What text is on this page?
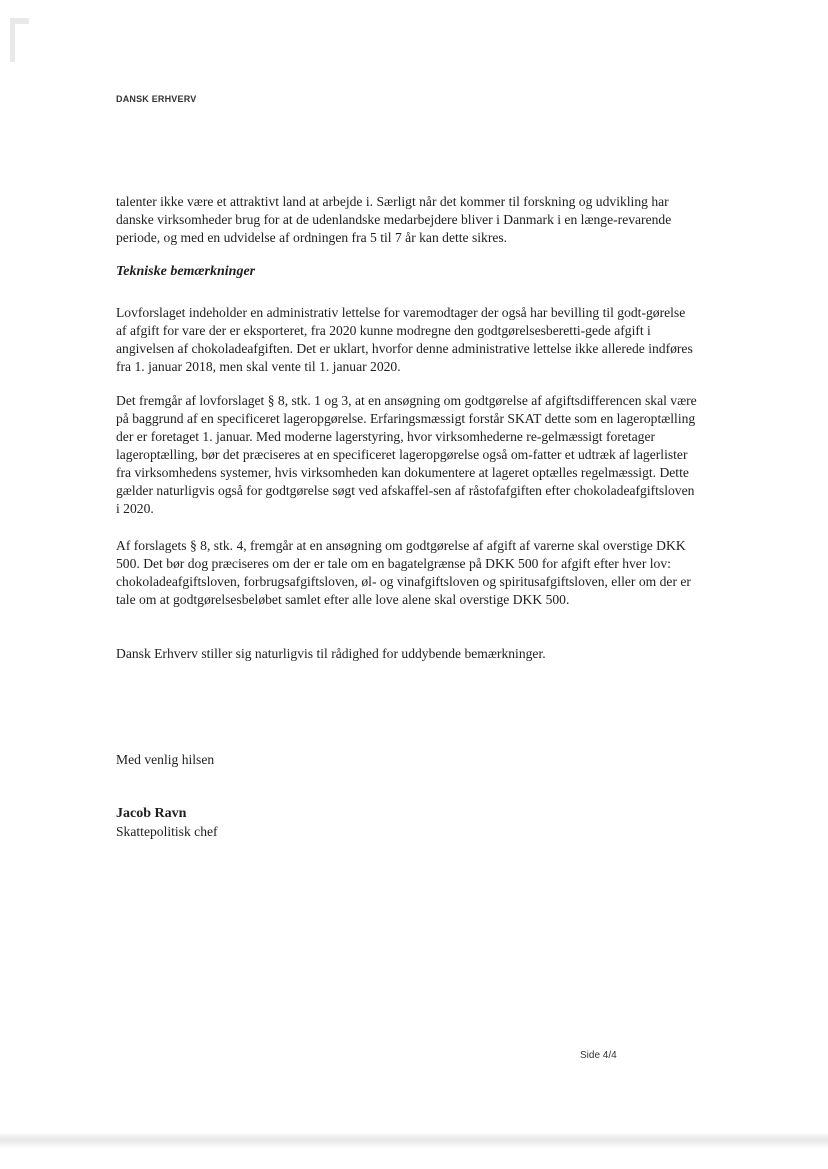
DANSK ERHVERV

talenter ikke være et attraktivt land at arbejde i. Særligt når det kommer til forskning og udvikling har danske virksomheder brug for at de udenlandske medarbejdere bliver i Danmark i en længe-revarende periode, og med en udvidelse af ordningen fra 5 til 7 år kan dette sikres.

Tekniske bemærkninger

Lovforslaget indeholder en administrativ lettelse for varemodtager der også har bevilling til godt-gørelse af afgift for vare der er eksporteret, fra 2020 kunne modregne den godtgørelsesberetti-gede afgift i angivelsen af chokoladeafgiften. Det er uklart, hvorfor denne administrative lettelse ikke allerede indføres fra 1. januar 2018, men skal vente til 1. januar 2020.

Det fremgår af lovforslaget § 8, stk. 1 og 3, at en ansøgning om godtgørelse af afgiftsdifferencen skal være på baggrund af en specificeret lageropgørelse. Erfaringsmæssigt forstår SKAT dette som en lageroptælling der er foretaget 1. januar. Med moderne lagerstyring, hvor virksomhederne re-gelmæssigt foretager lageroptælling, bør det præciseres at en specificeret lageropgørelse også om-fatter et udtræk af lagerlister fra virksomhedens systemer, hvis virksomheden kan dokumentere at lageret optælles regelmæssigt. Dette gælder naturligvis også for godtgørelse søgt ved afskaffel-sen af råstofafgiften efter chokoladeafgiftsloven i 2020.

Af forslagets § 8, stk. 4, fremgår at en ansøgning om godtgørelse af afgift af varerne skal overstige DKK 500. Det bør dog præciseres om der er tale om en bagatelgrænse på DKK 500 for afgift efter hver lov: chokoladeafgiftsloven, forbrugsafgiftsloven, øl- og vinafgiftsloven og spiritusafgiftsloven, eller om der er tale om at godtgørelsesbeløbet samlet efter alle love alene skal overstige DKK 500.

Dansk Erhverv stiller sig naturligvis til rådighed for uddybende bemærkninger.

Med venlig hilsen
Jacob Ravn
Skattepolitisk chef
Side 4/4
